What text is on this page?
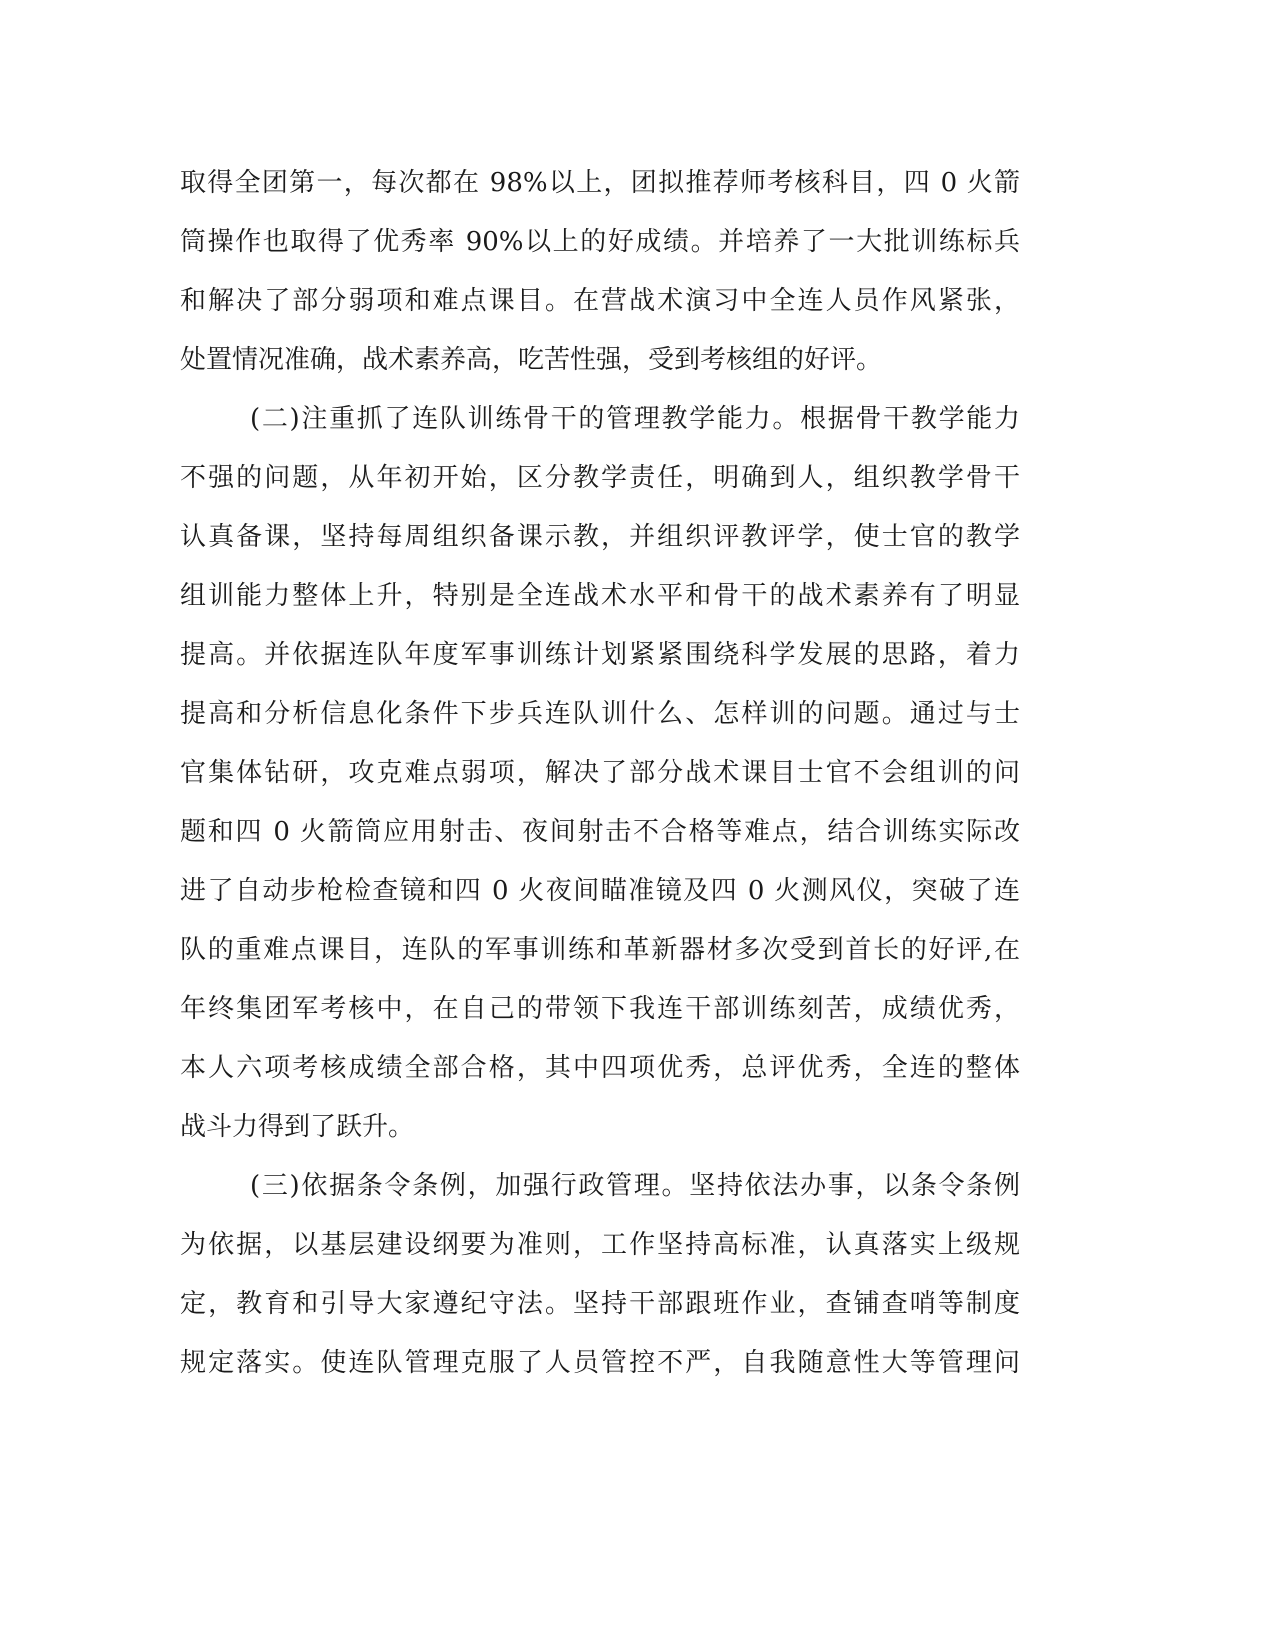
取得全团第一，每次都在 98%以上，团拟推荐师考核科目，四 0 火箭
筒操作也取得了优秀率 90%以上的好成绩。并培养了一大批训练标兵
和解决了部分弱项和难点课目。在营战术演习中全连人员作风紧张，
处置情况准确，战术素养高，吃苦性强，受到考核组的好评。
(二)注重抓了连队训练骨干的管理教学能力。根据骨干教学能力
不强的问题，从年初开始，区分教学责任，明确到人，组织教学骨干
认真备课，坚持每周组织备课示教，并组织评教评学，使士官的教学
组训能力整体上升，特别是全连战术水平和骨干的战术素养有了明显
提高。并依据连队年度军事训练计划紧紧围绕科学发展的思路，着力
提高和分析信息化条件下步兵连队训什么、怎样训的问题。通过与士
官集体钻研，攻克难点弱项，解决了部分战术课目士官不会组训的问
题和四 0 火箭筒应用射击、夜间射击不合格等难点，结合训练实际改
进了自动步枪检查镜和四 0 火夜间瞄准镜及四 0 火测风仪，突破了连
队的重难点课目，连队的军事训练和革新器材多次受到首长的好评,在
年终集团军考核中，在自己的带领下我连干部训练刻苦，成绩优秀，
本人六项考核成绩全部合格，其中四项优秀，总评优秀，全连的整体
战斗力得到了跃升。
(三)依据条令条例，加强行政管理。坚持依法办事，以条令条例
为依据，以基层建设纲要为准则，工作坚持高标准，认真落实上级规
定，教育和引导大家遵纪守法。坚持干部跟班作业，查铺查哨等制度
规定落实。使连队管理克服了人员管控不严，自我随意性大等管理问
